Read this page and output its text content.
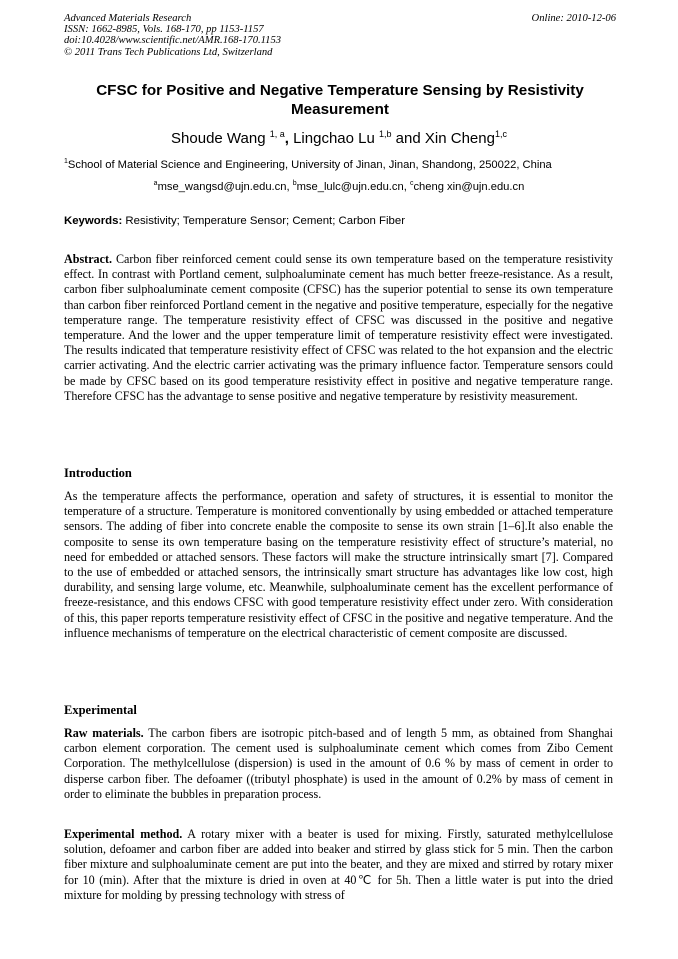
Advanced Materials Research
ISSN: 1662-8985, Vols. 168-170, pp 1153-1157
doi:10.4028/www.scientific.net/AMR.168-170.1153
© 2011 Trans Tech Publications Ltd, Switzerland
Online: 2010-12-06
CFSC for Positive and Negative Temperature Sensing by Resistivity Measurement
Shoude Wang $^{1, a}$, Lingchao Lu $^{1,b}$ and Xin Cheng$^{1,c}$
$^1$School of Material Science and Engineering, University of Jinan, Jinan, Shandong, 250022, China
$^a$mse_wangsd@ujn.edu.cn, $^b$mse_lulc@ujn.edu.cn, $^c$cheng xin@ujn.edu.cn
Keywords: Resistivity; Temperature Sensor; Cement; Carbon Fiber
Abstract. Carbon fiber reinforced cement could sense its own temperature based on the temperature resistivity effect. In contrast with Portland cement, sulphoaluminate cement has much better freeze-resistance. As a result, carbon fiber sulphoaluminate cement composite (CFSC) has the superior potential to sense its own temperature than carbon fiber reinforced Portland cement in the negative and positive temperature, especially for the negative temperature range. The temperature resistivity effect of CFSC was discussed in the positive and negative temperature. And the lower and the upper temperature limit of temperature resistivity effect were investigated. The results indicated that temperature resistivity effect of CFSC was related to the hot expansion and the electric carrier activating. And the electric carrier activating was the primary influence factor. Temperature sensors could be made by CFSC based on its good temperature resistivity effect in positive and negative temperature range. Therefore CFSC has the advantage to sense positive and negative temperature by resistivity measurement.
Introduction
As the temperature affects the performance, operation and safety of structures, it is essential to monitor the temperature of a structure. Temperature is monitored conventionally by using embedded or attached temperature sensors. The adding of fiber into concrete enable the composite to sense its own strain [1–6].It also enable the composite to sense its own temperature basing on the temperature resistivity effect of structure’s material, no need for embedded or attached sensors. These factors will make the structure intrinsically smart [7]. Compared to the use of embedded or attached sensors, the intrinsically smart structure has advantages like low cost, high durability, and sensing large volume, etc. Meanwhile, sulphoaluminate cement has the excellent performance of freeze-resistance, and this endows CFSC with good temperature resistivity effect under zero. With consideration of this, this paper reports temperature resistivity effect of CFSC in the positive and negative temperature. And the influence mechanisms of temperature on the electrical characteristic of cement composite are discussed.
Experimental
Raw materials. The carbon fibers are isotropic pitch-based and of length 5 mm, as obtained from Shanghai carbon element corporation. The cement used is sulphoaluminate cement which comes from Zibo Cement Corporation. The methylcellulose (dispersion) is used in the amount of 0.6 % by mass of cement in order to disperse carbon fiber. The defoamer ((tributyl phosphate) is used in the amount of 0.2% by mass of cement in order to eliminate the bubbles in preparation process.
Experimental method. A rotary mixer with a beater is used for mixing. Firstly, saturated methylcellulose solution, defoamer and carbon fiber are added into beaker and stirred by glass stick for 5 min. Then the carbon fiber mixture and sulphoaluminate cement are put into the beater, and they are mixed and stirred by rotary mixer for 10 (min). After that the mixture is dried in oven at 40℃ for 5h. Then a little water is put into the dried mixture for molding by pressing technology with stress of
